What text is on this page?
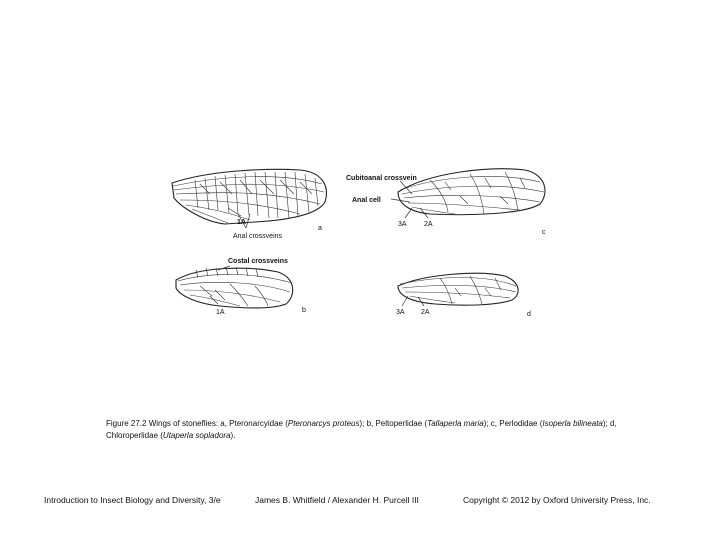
1A
Anal crossveins
a
Cubitoanal crossvein
Anal cell
3A 2A
c
Costal crossveins
1A	b	3A 2A	d
Figure 27.2 Wings of stoneflies: a, Pteronarcyidae (Pteronarcys proteus); b, Peltoperlidae (Tallaperla maria); c, Perlodidae (Isoperla bilineata); d, Chloroperlidae (Utaperla sopladora).
Introduction to Insect Biology and Diversity, 3/e	James B. Whitfield / Alexander H. Purcell III	Copyright © 2012 by Oxford University Press, Inc.
